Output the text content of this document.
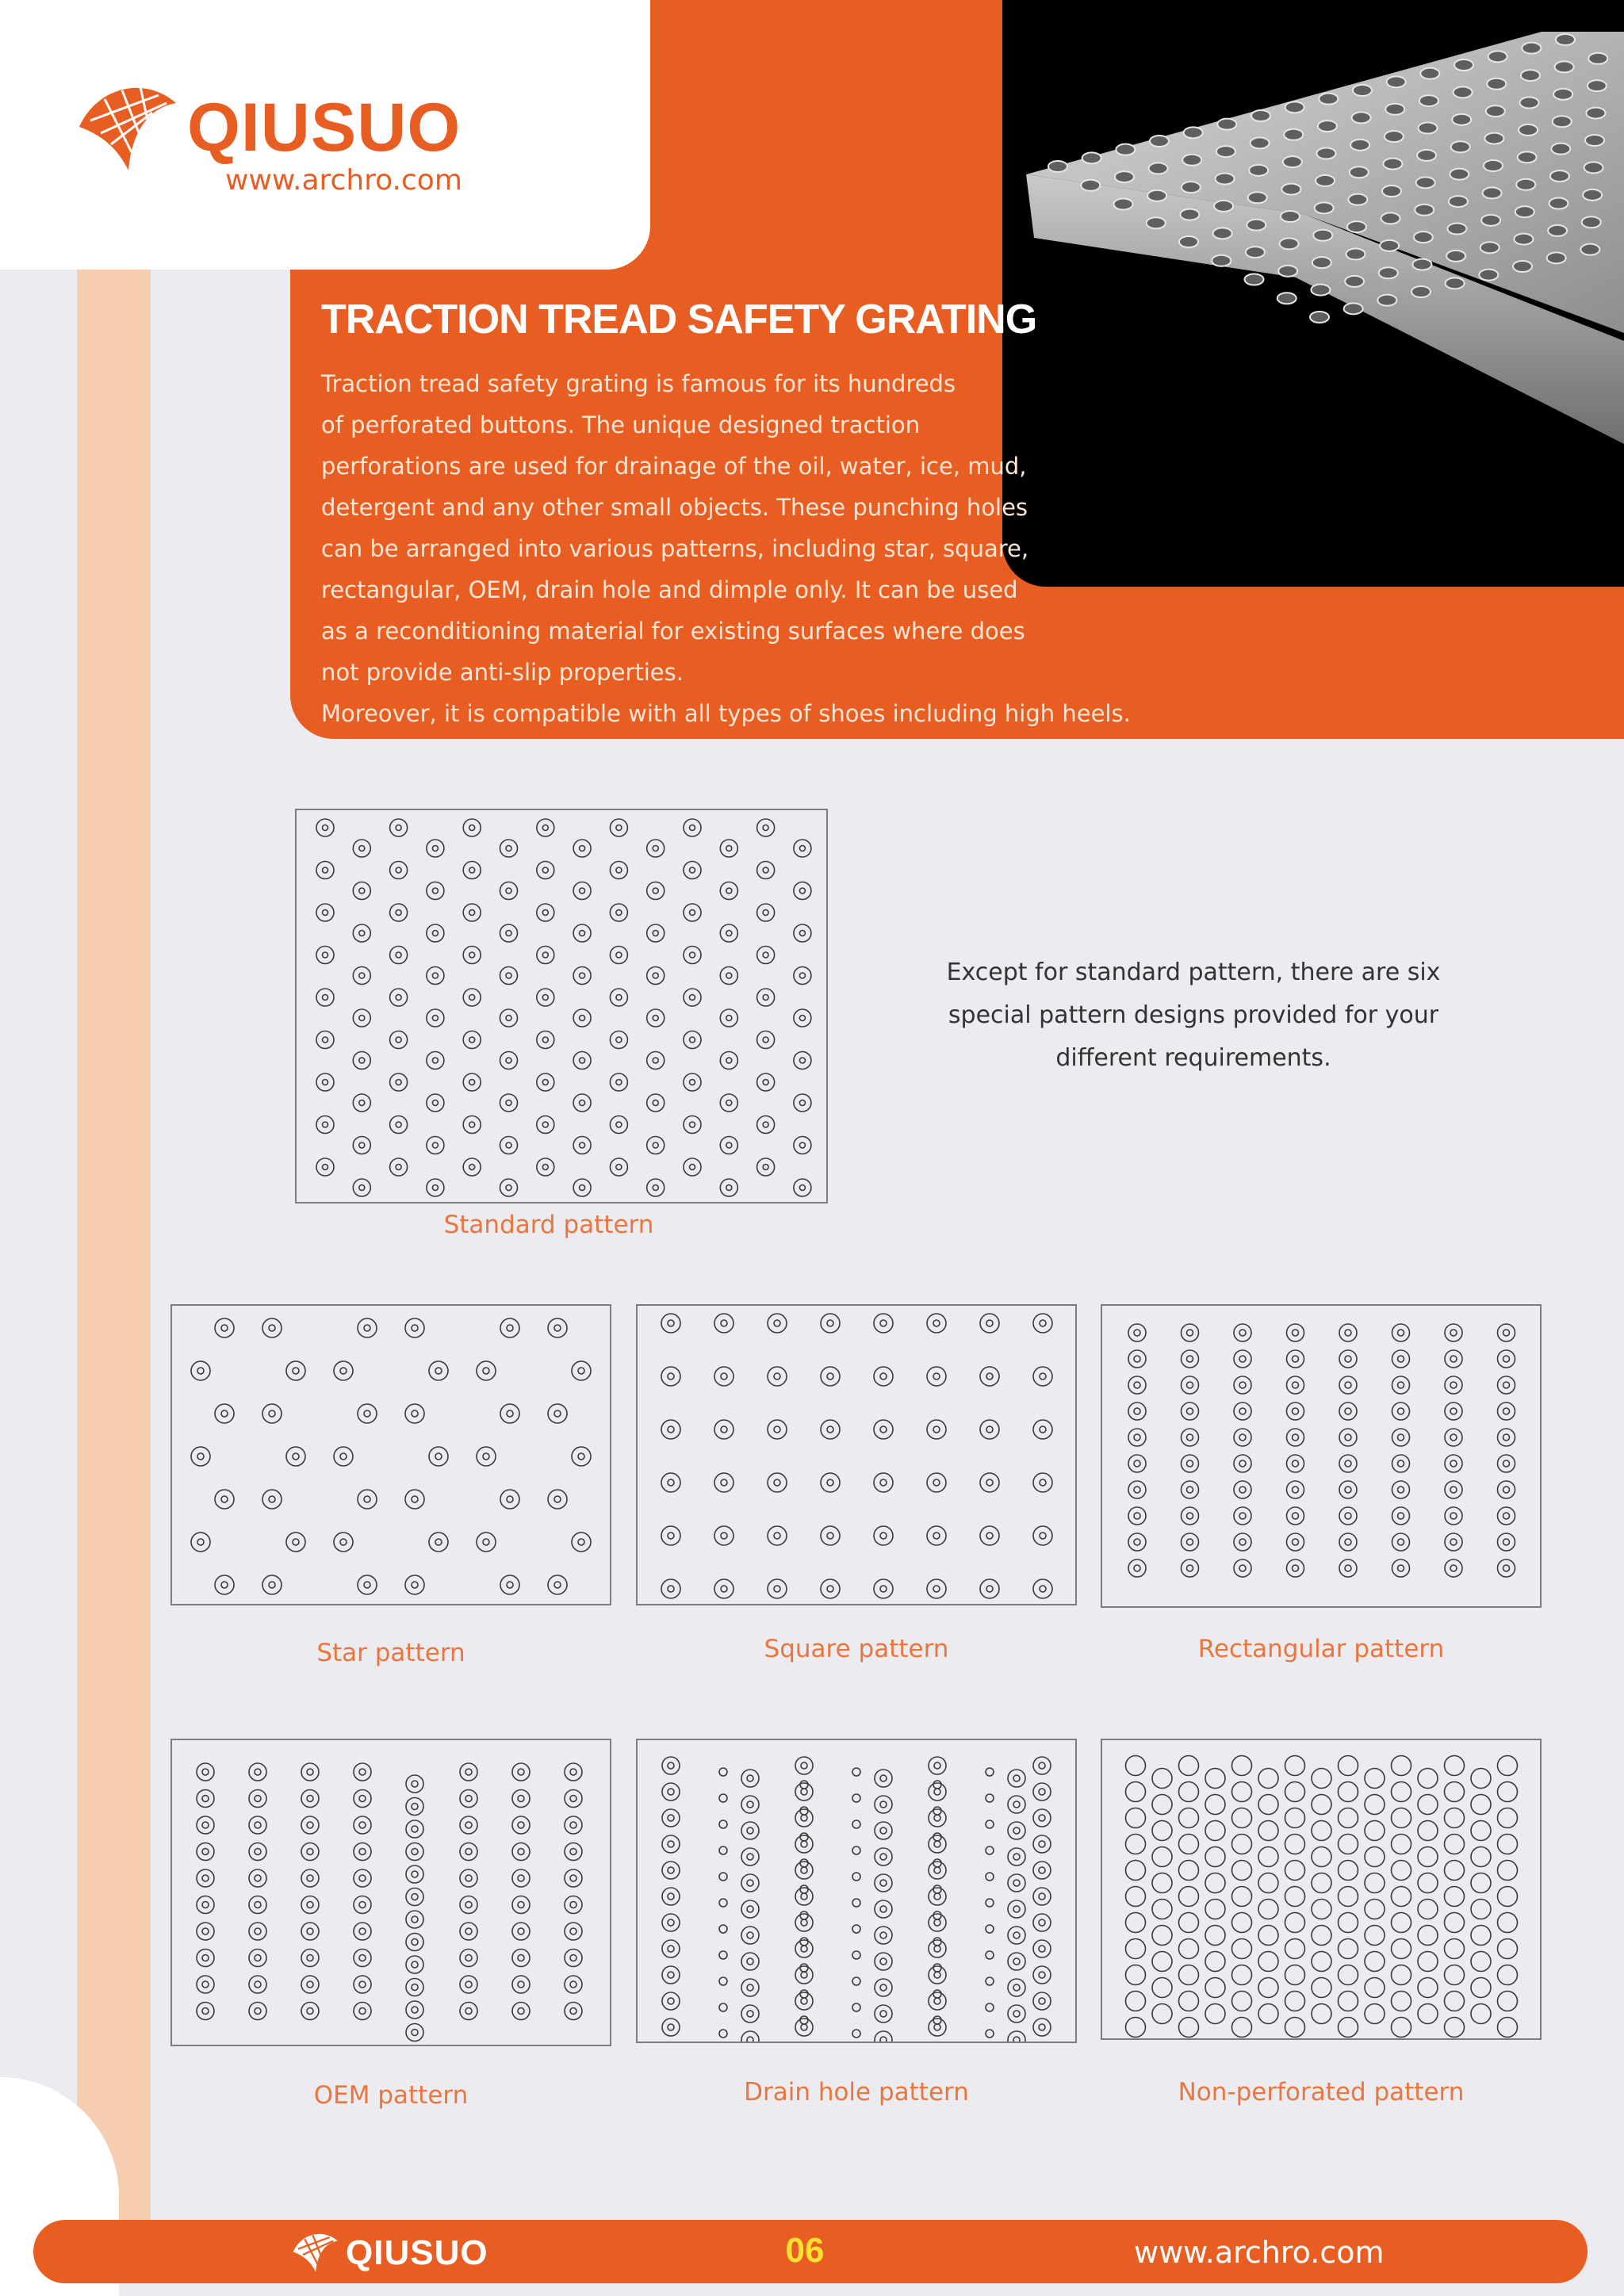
QIUSUO
www.archro.com
TRACTION TREAD SAFETY GRATING
Traction tread safety grating is famous for its hundreds
of perforated buttons. The unique designed traction
perforations are used for drainage of the oil, water, ice, mud,
detergent and any other small objects. These punching holes
can be arranged into various patterns, including star, square,
rectangular, OEM, drain hole and dimple only. It can be used
as a reconditioning material for existing surfaces where does
not provide anti-slip properties.
Moreover, it is compatible with all types of shoes including high heels.
Standard pattern
Except for standard pattern, there are six special pattern designs provided for your different requirements.
Star pattern	Square pattern	Rectangular pattern
OEM pattern	Drain hole pattern	Non-perforated pattern
QIUSUO	06	www.archro.com
